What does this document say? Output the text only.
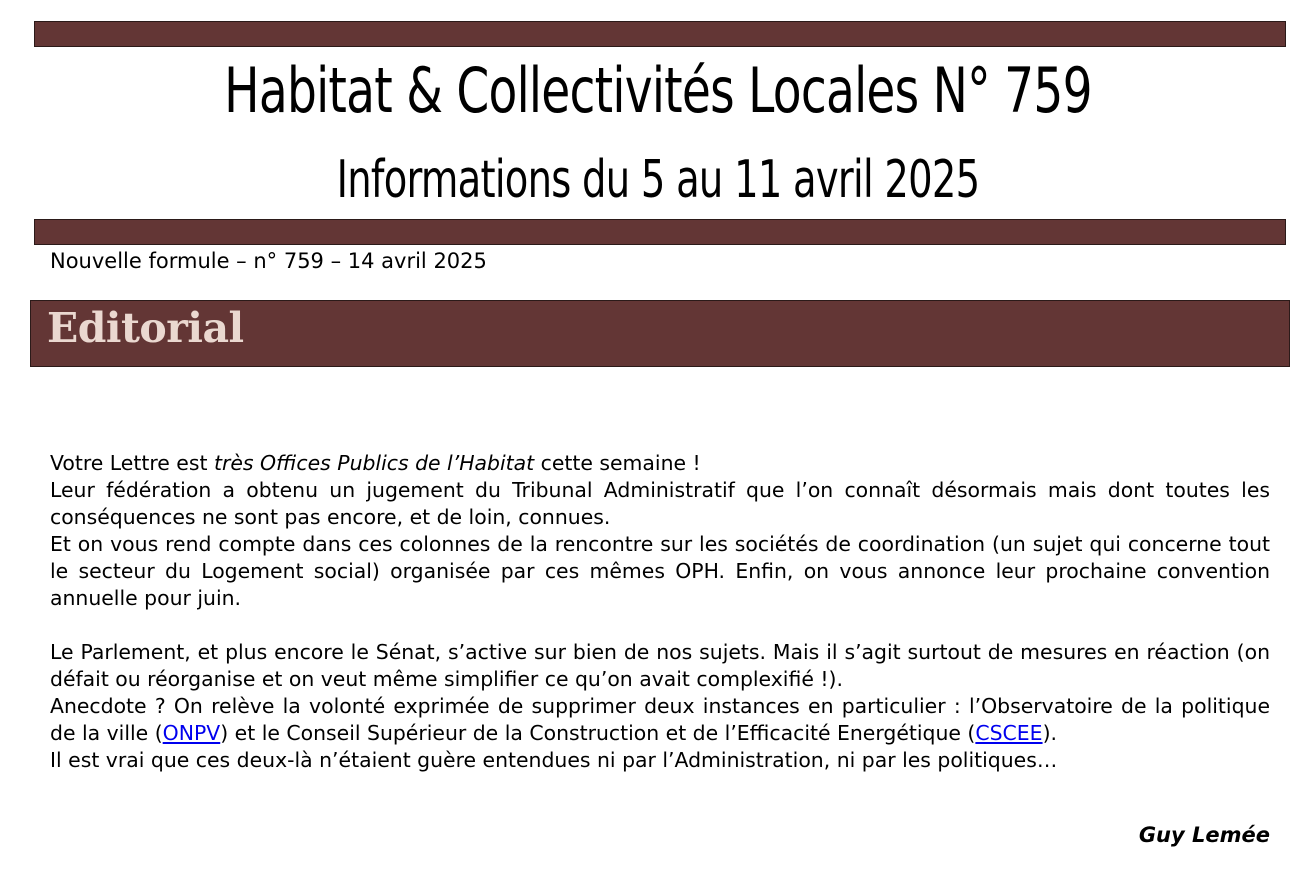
Habitat & Collectivités Locales N° 759
Informations du 5 au 11 avril 2025

Nouvelle formule – n° 759 – 14 avril 2025

Editorial

Votre Lettre est très Offices Publics de l’Habitat cette semaine !

Leur fédération a obtenu un jugement du Tribunal Administratif que l’on connaît désormais mais dont toutes les conséquences ne sont pas encore, et de loin, connues.

Et on vous rend compte dans ces colonnes de la rencontre sur les sociétés de coordination (un sujet qui concerne tout le secteur du Logement social) organisée par ces mêmes OPH. Enfin, on vous annonce leur prochaine convention annuelle pour juin.

Le Parlement, et plus encore le Sénat, s’active sur bien de nos sujets. Mais il s’agit surtout de mesures en réaction (on défait ou réorganise et on veut même simplifier ce qu’on avait complexifié !).

Anecdote ? On relève la volonté exprimée de supprimer deux instances en particulier : l’Observatoire de la politique de la ville (ONPV) et le Conseil Supérieur de la Construction et de l’Efficacité Energétique (CSCEE).

Il est vrai que ces deux-là n’étaient guère entendues ni par l’Administration, ni par les politiques…

Guy Lemée
